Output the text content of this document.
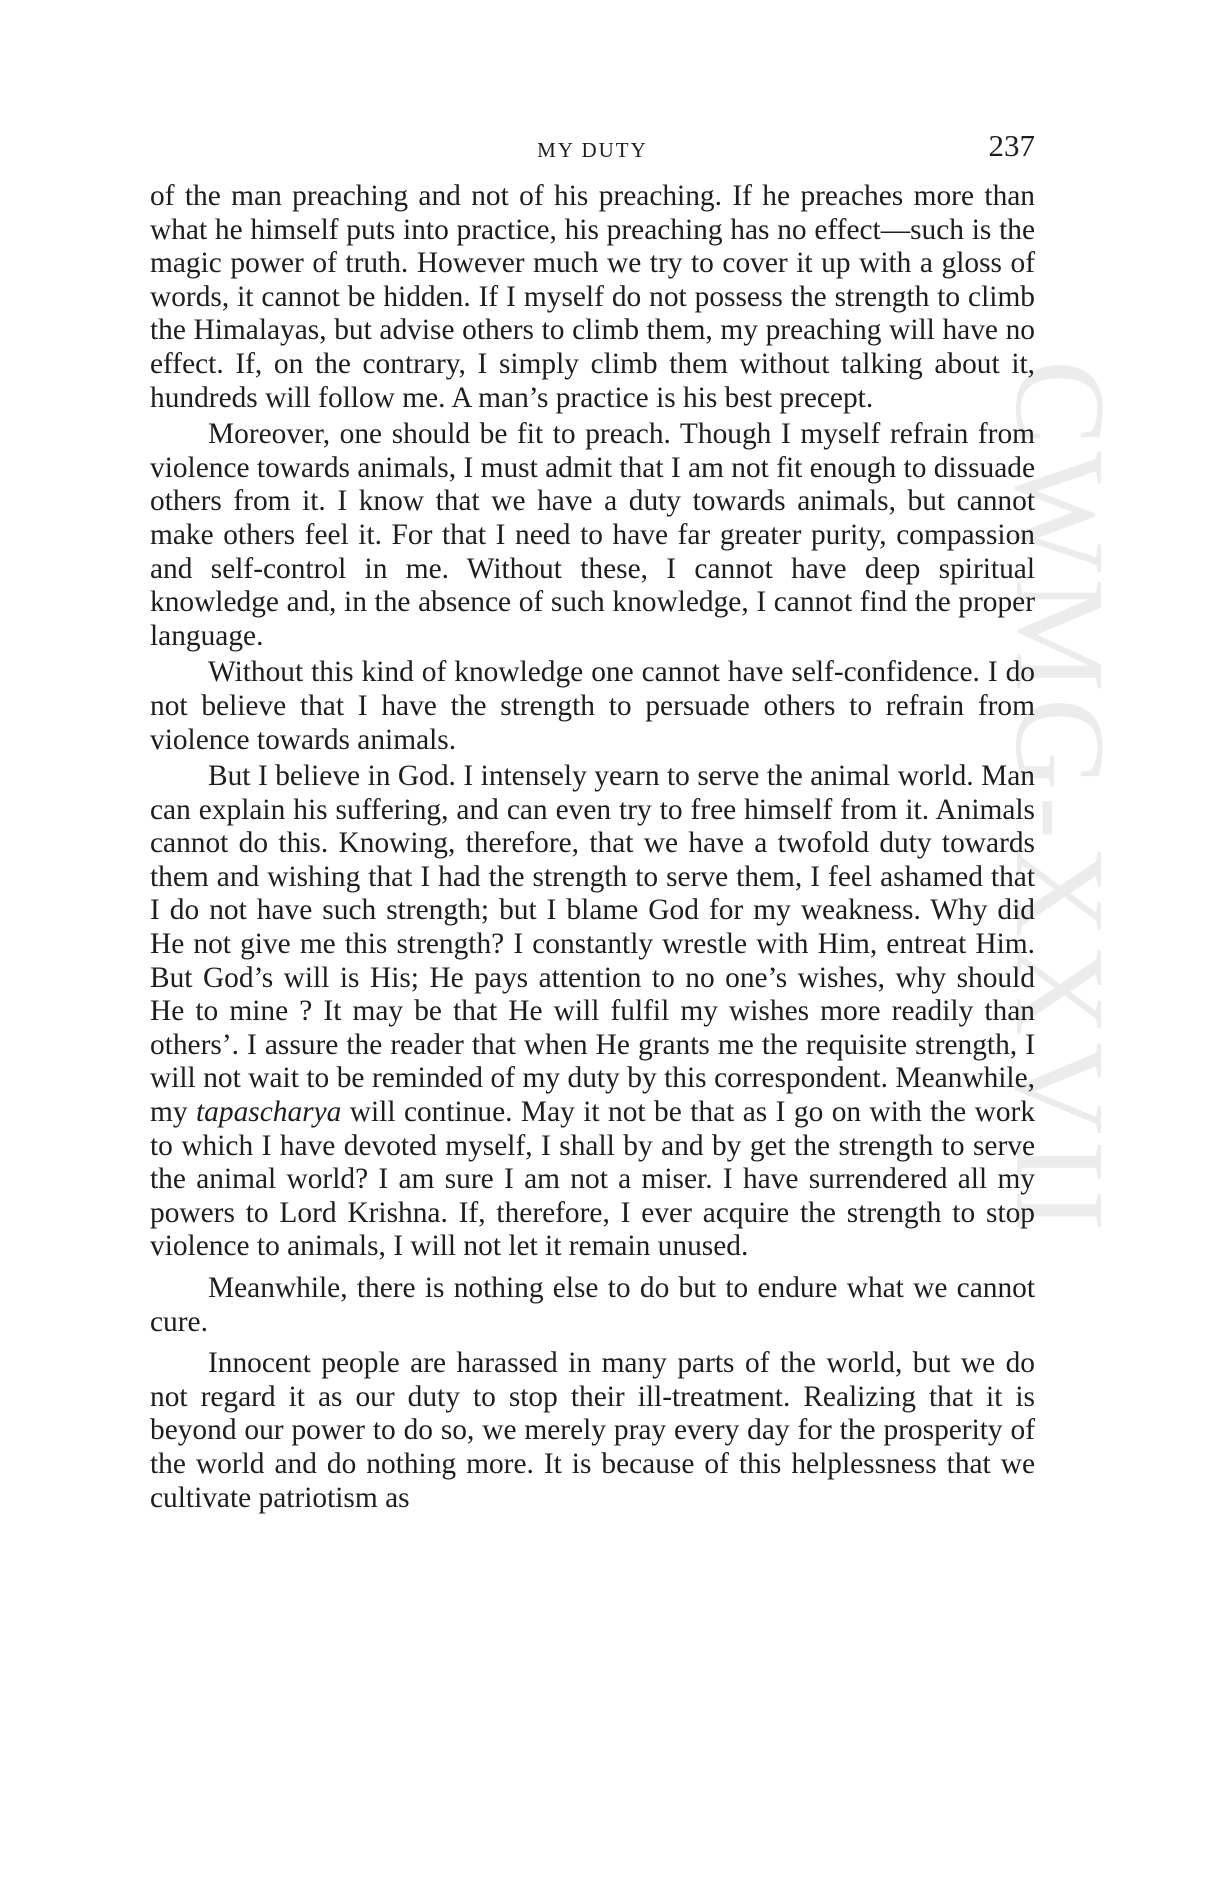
CWMG-XXVII
MY DUTY	237

of the man preaching and not of his preaching. If he preaches more than what he himself puts into practice, his preaching has no effect—such is the magic power of truth. However much we try to cover it up with a gloss of words, it cannot be hidden. If I myself do not possess the strength to climb the Himalayas, but advise others to climb them, my preaching will have no effect. If, on the contrary, I simply climb them without talking about it, hundreds will follow me. A man’s practice is his best precept.

Moreover, one should be fit to preach. Though I myself refrain from violence towards animals, I must admit that I am not fit enough to dissuade others from it. I know that we have a duty towards animals, but cannot make others feel it. For that I need to have far greater purity, compassion and self-control in me. Without these, I cannot have deep spiritual knowledge and, in the absence of such knowledge, I cannot find the proper language.

Without this kind of knowledge one cannot have self-confidence. I do not believe that I have the strength to persuade others to refrain from violence towards animals.

But I believe in God. I intensely yearn to serve the animal world. Man can explain his suffering, and can even try to free himself from it. Animals cannot do this. Knowing, therefore, that we have a twofold duty towards them and wishing that I had the strength to serve them, I feel ashamed that I do not have such strength; but I blame God for my weakness. Why did He not give me this strength? I constantly wrestle with Him, entreat Him. But God’s will is His; He pays attention to no one’s wishes, why should He to mine ? It may be that He will fulfil my wishes more readily than others’. I assure the reader that when He grants me the requisite strength, I will not wait to be reminded of my duty by this correspondent. Meanwhile, my tapascharya will continue. May it not be that as I go on with the work to which I have devoted myself, I shall by and by get the strength to serve the animal world? I am sure I am not a miser. I have surrendered all my powers to Lord Krishna. If, therefore, I ever acquire the strength to stop violence to animals, I will not let it remain unused.

Meanwhile, there is nothing else to do but to endure what we cannot cure.

Innocent people are harassed in many parts of the world, but we do not regard it as our duty to stop their ill-treatment. Realizing that it is beyond our power to do so, we merely pray every day for the prosperity of the world and do nothing more. It is because of this helplessness that we cultivate patriotism as
